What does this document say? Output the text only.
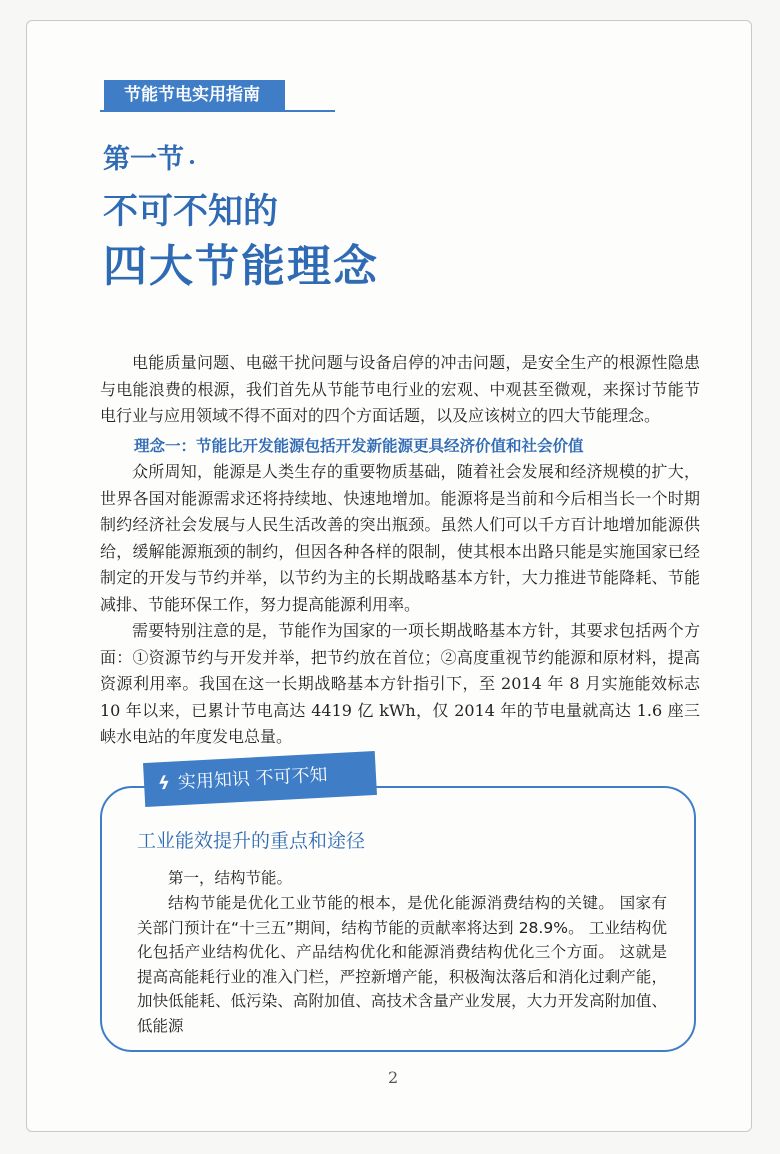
节能节电实用指南
第一节
不可不知的
四大节能理念

电能质量问题、电磁干扰问题与设备启停的冲击问题，是安全生产的根源性隐患与电能浪费的根源，我们首先从节能节电行业的宏观、中观甚至微观，来探讨节能节电行业与应用领域不得不面对的四个方面话题，以及应该树立的四大节能理念。

理念一：节能比开发能源包括开发新能源更具经济价值和社会价值

众所周知，能源是人类生存的重要物质基础，随着社会发展和经济规模的扩大，世界各国对能源需求还将持续地、快速地增加。能源将是当前和今后相当长一个时期制约经济社会发展与人民生活改善的突出瓶颈。虽然人们可以千方百计地增加能源供给，缓解能源瓶颈的制约，但因各种各样的限制，使其根本出路只能是实施国家已经制定的开发与节约并举，以节约为主的长期战略基本方针，大力推进节能降耗、节能减排、节能环保工作，努力提高能源利用率。

需要特别注意的是，节能作为国家的一项长期战略基本方针，其要求包括两个方面：①资源节约与开发并举，把节约放在首位；②高度重视节约能源和原材料，提高资源利用率。我国在这一长期战略基本方针指引下，至 2014 年 8 月实施能效标志 10 年以来，已累计节电高达 4419 亿 kWh，仅 2014 年的节电量就高达 1.6 座三峡水电站的年度发电总量。

ϟ 实用知识 不可不知
工业能效提升的重点和途径
第一，结构节能。
结构节能是优化工业节能的根本，是优化能源消费结构的关键。 国家有关部门预计在“十三五”期间，结构节能的贡献率将达到 28.9%。 工业结构优化包括产业结构优化、产品结构优化和能源消费结构优化三个方面。 这就是提高高能耗行业的准入门栏，严控新增产能，积极淘汰落后和消化过剩产能，加快低能耗、低污染、高附加值、高技术含量产业发展，大力开发高附加值、低能源
2
